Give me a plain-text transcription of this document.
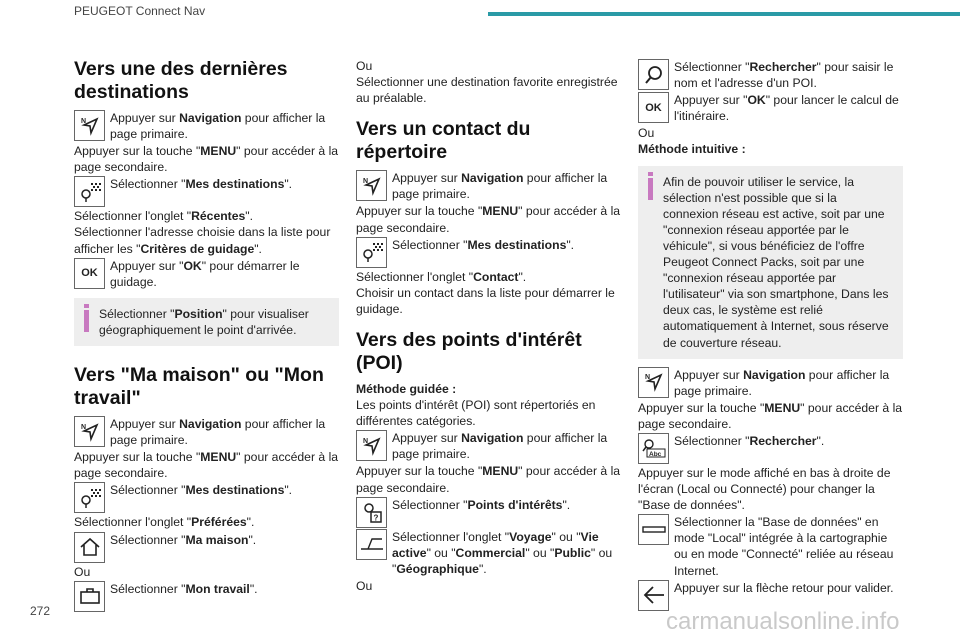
PEUGEOT Connect Nav
Vers une des dernières destinations
N Appuyer sur Navigation pour afficher la page primaire.

Appuyer sur la touche "MENU" pour accéder à la page secondaire.

Sélectionner "Mes destinations".

Sélectionner l'onglet "Récentes".

Sélectionner l'adresse choisie dans la liste pour afficher les "Critères de guidage".

OK

Appuyer sur "OK" pour démarrer le guidage.

Sélectionner "Position" pour visualiser géographiquement le point d'arrivée.

Vers "Ma maison" ou "Mon travail"
N Appuyer sur Navigation pour afficher la page primaire.

Appuyer sur la touche "MENU" pour accéder à la page secondaire.

Sélectionner "Mes destinations".

Sélectionner l'onglet "Préférées".

Sélectionner "Ma maison".

Ou

Sélectionner "Mon travail".

Ou

Sélectionner une destination favorite enregistrée au préalable.

Vers un contact du répertoire
N Appuyer sur Navigation pour afficher la page primaire.

Appuyer sur la touche "MENU" pour accéder à la page secondaire.

Sélectionner "Mes destinations".

Sélectionner l'onglet "Contact".

Choisir un contact dans la liste pour démarrer le guidage.

Vers des points d'intérêt (POI)

Méthode guidée :

Les points d'intérêt (POI) sont répertoriés en différentes catégories.

N Appuyer sur Navigation pour afficher la page primaire.

Appuyer sur la touche "MENU" pour accéder à la page secondaire.

?

Sélectionner "Points d'intérêts".

Sélectionner l'onglet "Voyage" ou "Vie active" ou "Commercial" ou "Public" ou "Géographique".

Ou

Sélectionner "Rechercher" pour saisir le nom et l'adresse d'un POI.

OK

Appuyer sur "OK" pour lancer le calcul de l'itinéraire.

Ou

Méthode intuitive :

Afin de pouvoir utiliser le service, la sélection n'est possible que si la connexion réseau est active, soit par une "connexion réseau apportée par le véhicule", si vous bénéficiez de l'offre Peugeot Connect Packs, soit par une "connexion réseau apportée par l'utilisateur" via son smartphone, Dans les deux cas, le système est relié automatiquement à Internet, sous réserve de couverture réseau.

N Appuyer sur Navigation pour afficher la page primaire.

Appuyer sur la touche "MENU" pour accéder à la page secondaire.

Abc

Sélectionner "Rechercher".

Appuyer sur le mode affiché en bas à droite de l'écran (Local ou Connecté) pour changer la "Base de données".

Sélectionner la "Base de données" en mode "Local" intégrée à la cartographie ou en mode "Connecté" reliée au réseau Internet.

Appuyer sur la flèche retour pour valider.

272	carmanualsonline.info
